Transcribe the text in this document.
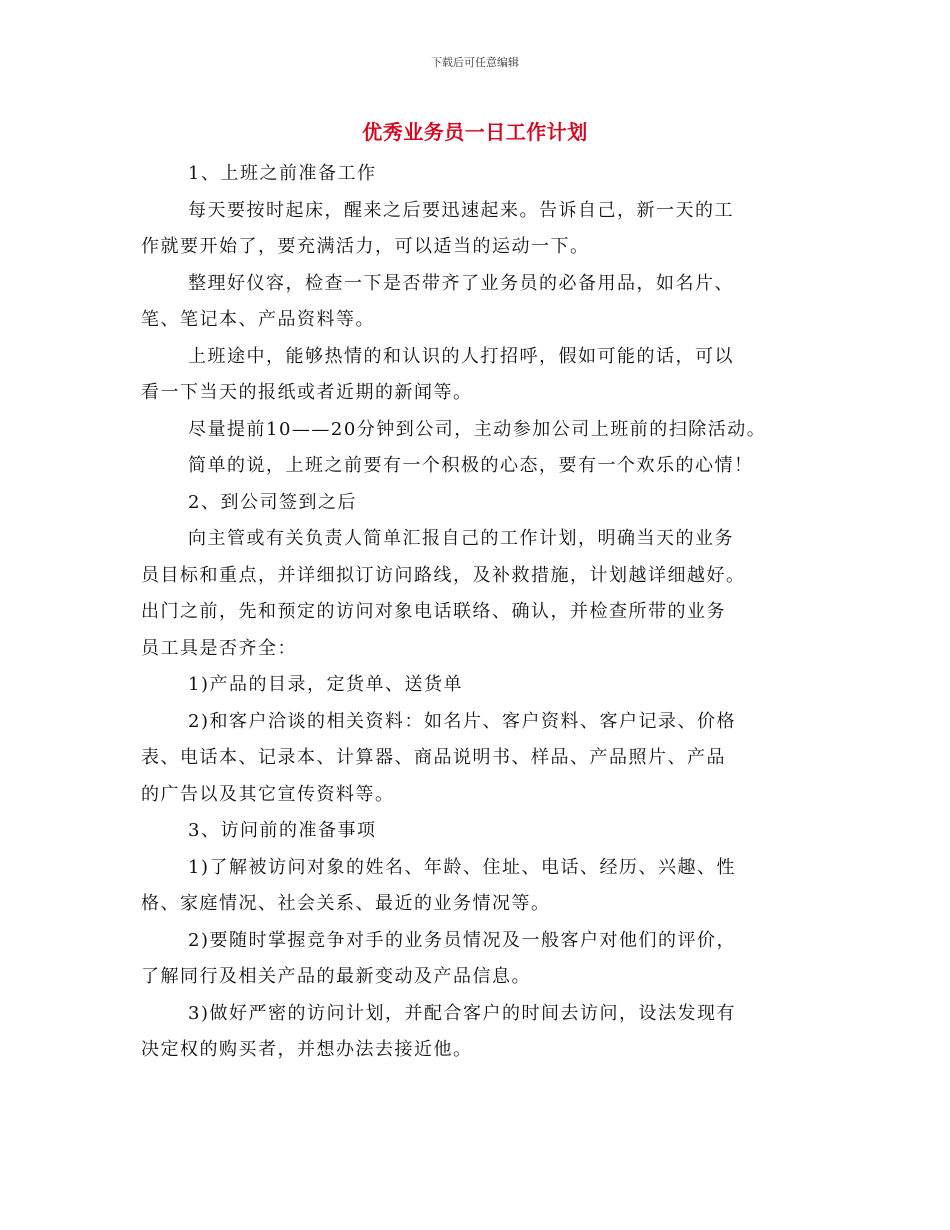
下载后可任意编辑
优秀业务员一日工作计划

1、上班之前准备工作

每天要按时起床，醒来之后要迅速起来。告诉自己，新一天的工
作就要开始了，要充满活力，可以适当的运动一下。

整理好仪容，检查一下是否带齐了业务员的必备用品，如名片、
笔、笔记本、产品资料等。

上班途中，能够热情的和认识的人打招呼，假如可能的话，可以
看一下当天的报纸或者近期的新闻等。

尽量提前10——20分钟到公司，主动参加公司上班前的扫除活动。

简单的说，上班之前要有一个积极的心态，要有一个欢乐的心情！

2、到公司签到之后

向主管或有关负责人简单汇报自己的工作计划，明确当天的业务
员目标和重点，并详细拟订访问路线，及补救措施，计划越详细越好。
出门之前，先和预定的访问对象电话联络、确认，并检查所带的业务
员工具是否齐全：

1)产品的目录，定货单、送货单

2)和客户洽谈的相关资料：如名片、客户资料、客户记录、价格
表、电话本、记录本、计算器、商品说明书、样品、产品照片、产品
的广告以及其它宣传资料等。

3、访问前的准备事项

1)了解被访问对象的姓名、年龄、住址、电话、经历、兴趣、性
格、家庭情况、社会关系、最近的业务情况等。

2)要随时掌握竞争对手的业务员情况及一般客户对他们的评价，
了解同行及相关产品的最新变动及产品信息。

3)做好严密的访问计划，并配合客户的时间去访问，设法发现有
决定权的购买者，并想办法去接近他。
